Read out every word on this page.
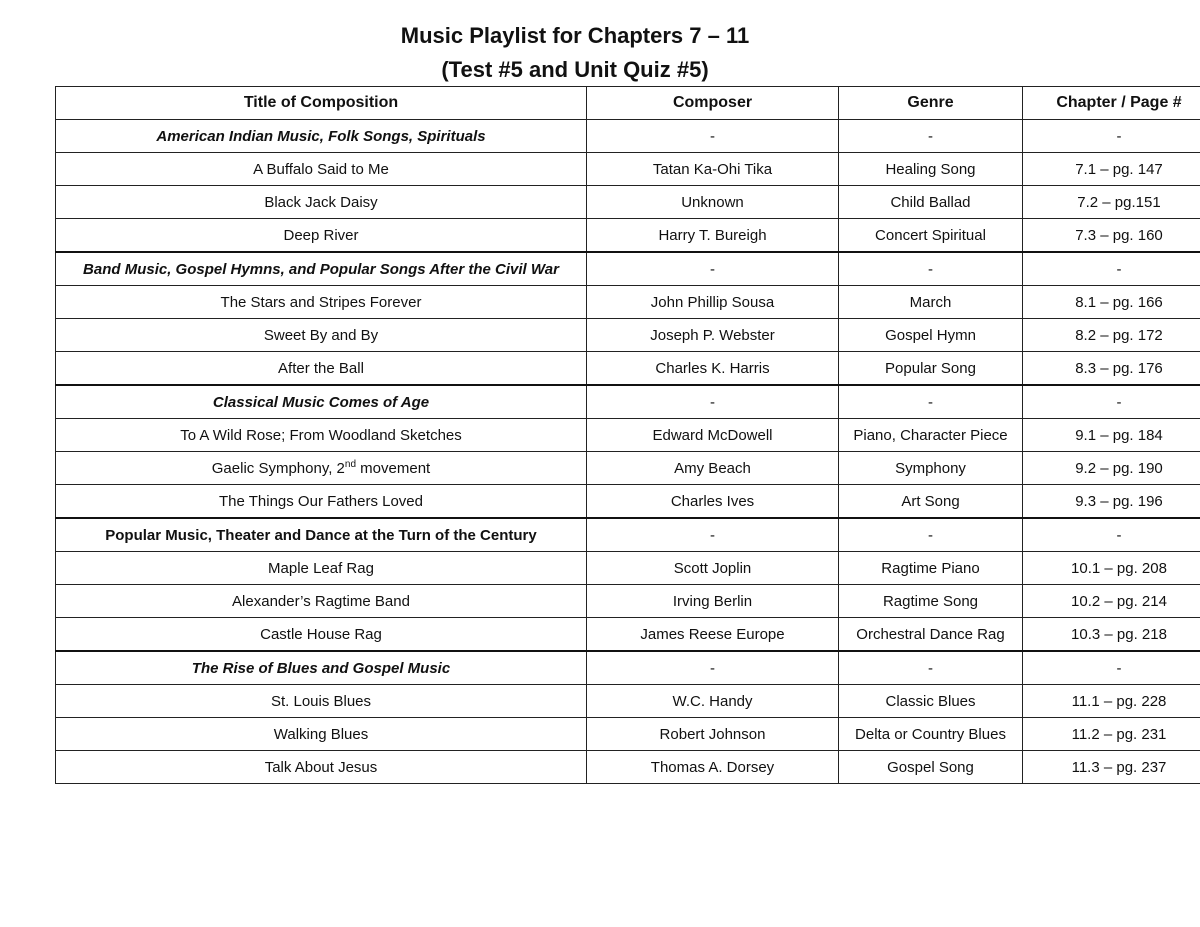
Music Playlist for Chapters 7 – 11
(Test #5 and Unit Quiz #5)
Title of Composition	Composer	Genre	Chapter / Page #
American Indian Music, Folk Songs, Spirituals	-	-	-
A Buffalo Said to Me	Tatan Ka-Ohi Tika	Healing Song	7.1 – pg. 147
Black Jack Daisy	Unknown	Child Ballad	7.2 – pg.151
Deep River	Harry T. Bureigh	Concert Spiritual	7.3 – pg. 160
Band Music, Gospel Hymns, and Popular Songs After the Civil War	-	-	-
The Stars and Stripes Forever	John Phillip Sousa	March	8.1 – pg. 166
Sweet By and By	Joseph P. Webster	Gospel Hymn	8.2 – pg. 172
After the Ball	Charles K. Harris	Popular Song	8.3 – pg. 176
Classical Music Comes of Age	-	-	-
To A Wild Rose; From Woodland Sketches	Edward McDowell	Piano, Character Piece	9.1 – pg. 184
Gaelic Symphony, 2nd movement	Amy Beach	Symphony	9.2 – pg. 190
The Things Our Fathers Loved	Charles Ives	Art Song	9.3 – pg. 196
Popular Music, Theater and Dance at the Turn of the Century	-	-	-
Maple Leaf Rag	Scott Joplin	Ragtime Piano	10.1 – pg. 208
Alexander’s Ragtime Band	Irving Berlin	Ragtime Song	10.2 – pg. 214
Castle House Rag	James Reese Europe	Orchestral Dance Rag	10.3 – pg. 218
The Rise of Blues and Gospel Music	-	-	-
St. Louis Blues	W.C. Handy	Classic Blues	11.1 – pg. 228
Walking Blues	Robert Johnson	Delta or Country Blues	11.2 – pg. 231
Talk About Jesus	Thomas A. Dorsey	Gospel Song	11.3 – pg. 237
